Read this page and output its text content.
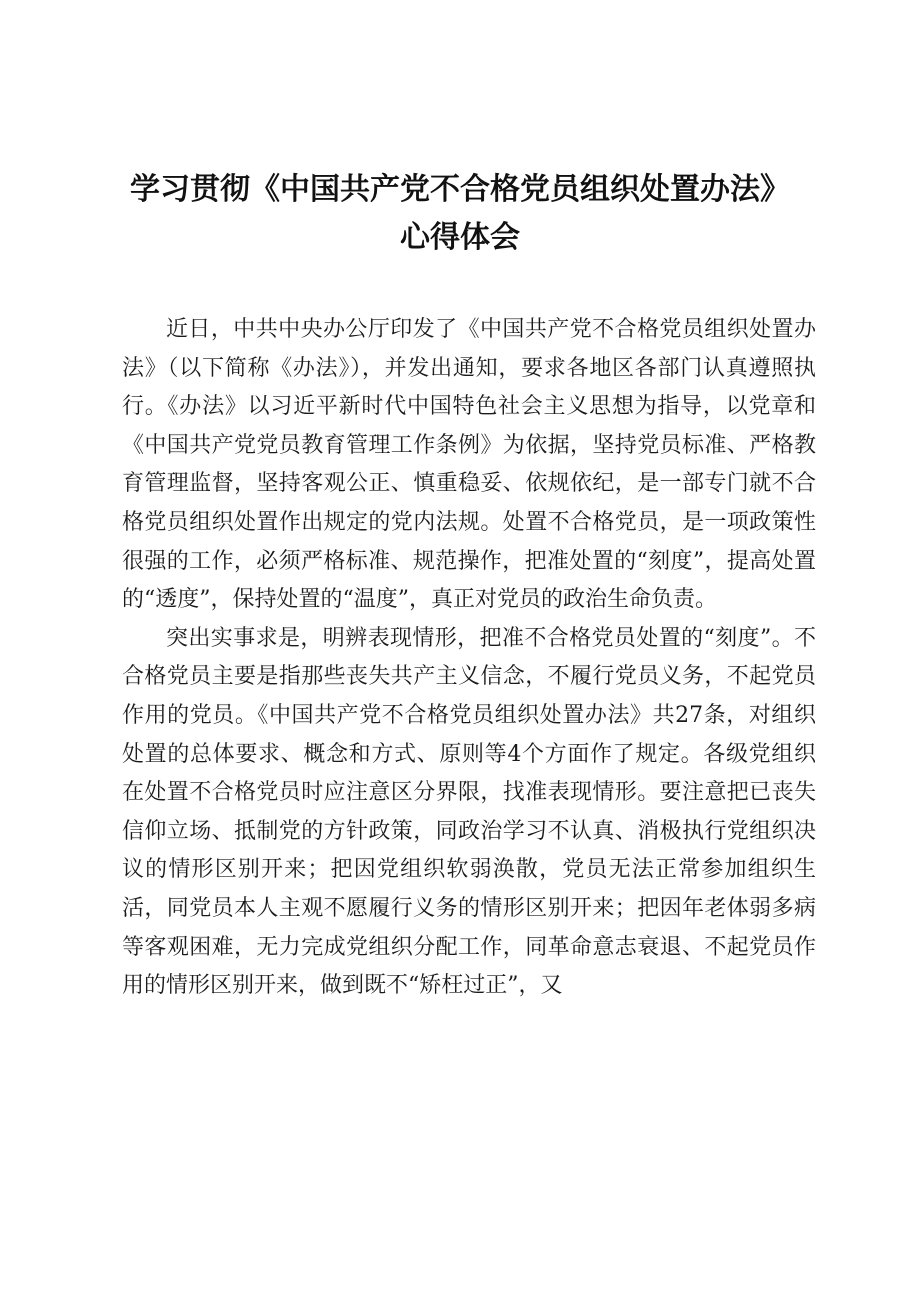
学习贯彻《中国共产党不合格党员组织处置办法》心得体会

近日，中共中央办公厅印发了《中国共产党不合格党员组织处置办法》（以下简称《办法》），并发出通知，要求各地区各部门认真遵照执行。《办法》以习近平新时代中国特色社会主义思想为指导，以党章和《中国共产党党员教育管理工作条例》为依据，坚持党员标准、严格教育管理监督，坚持客观公正、慎重稳妥、依规依纪，是一部专门就不合格党员组织处置作出规定的党内法规。处置不合格党员，是一项政策性很强的工作，必须严格标准、规范操作，把准处置的“刻度”，提高处置的“透度”，保持处置的“温度”，真正对党员的政治生命负责。

突出实事求是，明辨表现情形，把准不合格党员处置的“刻度”。不合格党员主要是指那些丧失共产主义信念，不履行党员义务，不起党员作用的党员。《中国共产党不合格党员组织处置办法》共27条，对组织处置的总体要求、概念和方式、原则等4个方面作了规定。各级党组织在处置不合格党员时应注意区分界限，找准表现情形。要注意把已丧失信仰立场、抵制党的方针政策，同政治学习不认真、消极执行党组织决议的情形区别开来；把因党组织软弱涣散，党员无法正常参加组织生活，同党员本人主观不愿履行义务的情形区别开来；把因年老体弱多病等客观困难，无力完成党组织分配工作，同革命意志衰退、不起党员作用的情形区别开来，做到既不“矫枉过正”，又
